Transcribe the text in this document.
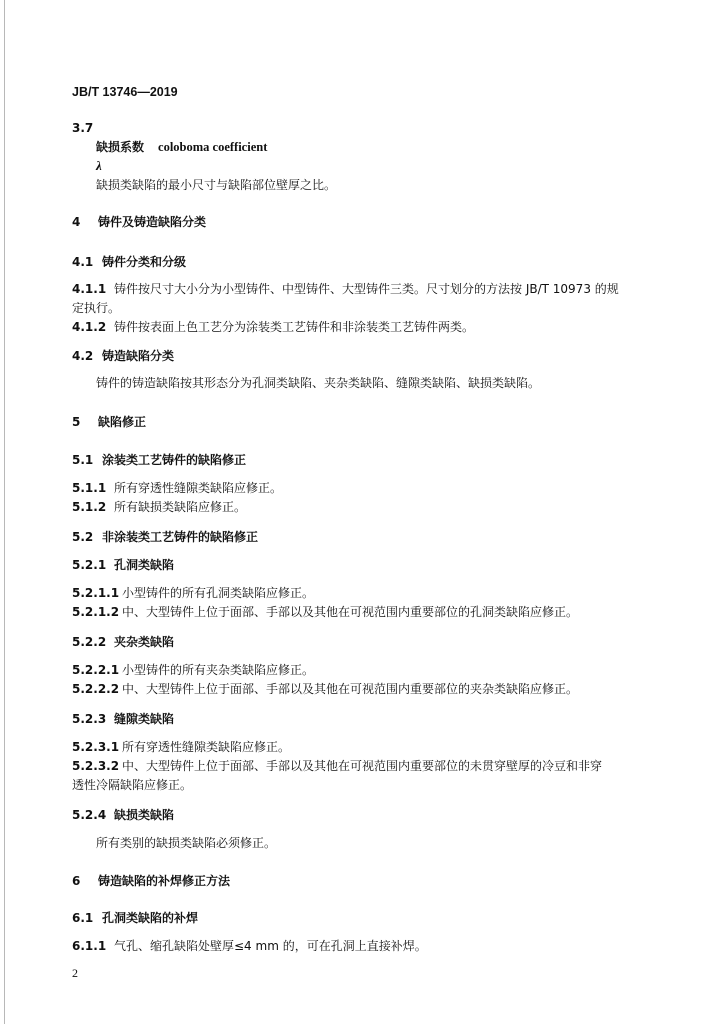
JB/T 13746—2019
3.7
缺损系数 coloboma coefficient
λ
缺损类缺陷的最小尺寸与缺陷部位壁厚之比。
4 铸件及铸造缺陷分类
4.1 铸件分类和分级
4.1.1 铸件按尺寸大小分为小型铸件、中型铸件、大型铸件三类。尺寸划分的方法按 JB/T 10973 的规
定执行。
4.1.2 铸件按表面上色工艺分为涂装类工艺铸件和非涂装类工艺铸件两类。
4.2 铸造缺陷分类
铸件的铸造缺陷按其形态分为孔洞类缺陷、夹杂类缺陷、缝隙类缺陷、缺损类缺陷。
5 缺陷修正
5.1 涂装类工艺铸件的缺陷修正
5.1.1 所有穿透性缝隙类缺陷应修正。
5.1.2 所有缺损类缺陷应修正。
5.2 非涂装类工艺铸件的缺陷修正
5.2.1 孔洞类缺陷
5.2.1.1 小型铸件的所有孔洞类缺陷应修正。
5.2.1.2 中、大型铸件上位于面部、手部以及其他在可视范围内重要部位的孔洞类缺陷应修正。
5.2.2 夹杂类缺陷
5.2.2.1 小型铸件的所有夹杂类缺陷应修正。
5.2.2.2 中、大型铸件上位于面部、手部以及其他在可视范围内重要部位的夹杂类缺陷应修正。
5.2.3 缝隙类缺陷
5.2.3.1 所有穿透性缝隙类缺陷应修正。
5.2.3.2 中、大型铸件上位于面部、手部以及其他在可视范围内重要部位的未贯穿壁厚的冷豆和非穿
透性冷隔缺陷应修正。
5.2.4 缺损类缺陷
所有类别的缺损类缺陷必须修正。
6 铸造缺陷的补焊修正方法
6.1 孔洞类缺陷的补焊
6.1.1 气孔、缩孔缺陷处壁厚≤4 mm 的，可在孔洞上直接补焊。
2
